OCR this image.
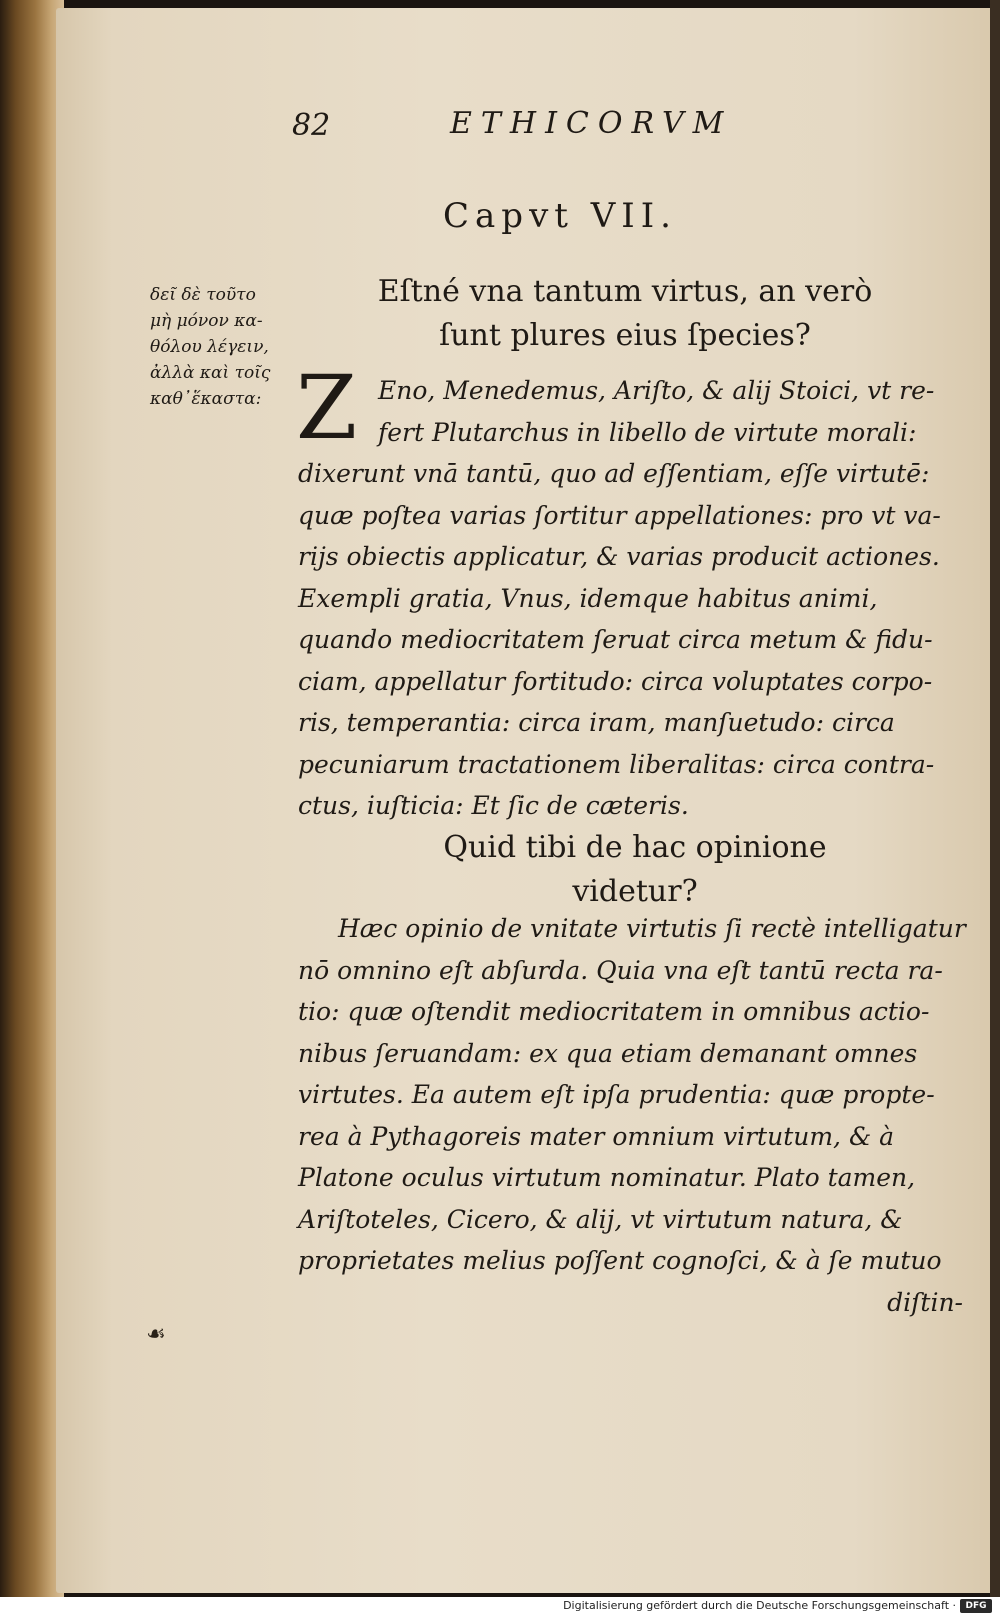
82	ETHICORVM
Capvt VII.
δεῖ δὲ τοῦτο
μὴ μόνον κα-
θόλου λέγειν,
ἀλλὰ καὶ τοῖς
καθ᾽ἕκαστα:
Eſtné vna tantum virtus, an verò
ſunt plures eius ſpecies?
Z Eno, Menedemus, Ariſto, & alij Stoici, vt re-
fert Plutarchus in libello de virtute morali:
dixerunt vnā tantū, quo ad eſſentiam, eſſe virtutē:
quæ poſtea varias ſortitur appellationes: pro vt va-
rijs obiectis applicatur, & varias producit actiones.
Exempli gratia, Vnus, idemque habitus animi,
quando mediocritatem ſeruat circa metum & fidu-
ciam, appellatur fortitudo: circa voluptates corpo-
ris, temperantia: circa iram, manſuetudo: circa
pecuniarum tractationem liberalitas: circa contra-
ctus, iuſticia: Et ſic de cæteris.
Quid tibi de hac opinione
videtur?
Hæc opinio de vnitate virtutis ſi rectè intelligatur
nō omnino eſt abſurda. Quia vna eſt tantū recta ra-
tio: quæ oſtendit mediocritatem in omnibus actio-
nibus ſeruandam: ex qua etiam demanant omnes
virtutes. Ea autem eſt ipſa prudentia: quæ propte-
rea à Pythagoreis mater omnium virtutum, & à
Platone oculus virtutum nominatur. Plato tamen,
Ariſtoteles, Cicero, & alij, vt virtutum natura, &
proprietates melius poſſent cognoſci, & à ſe mutuo
diſtin-
☙
Digitalisierung gefördert durch die Deutsche Forschungsgemeinschaft ·	DFG
